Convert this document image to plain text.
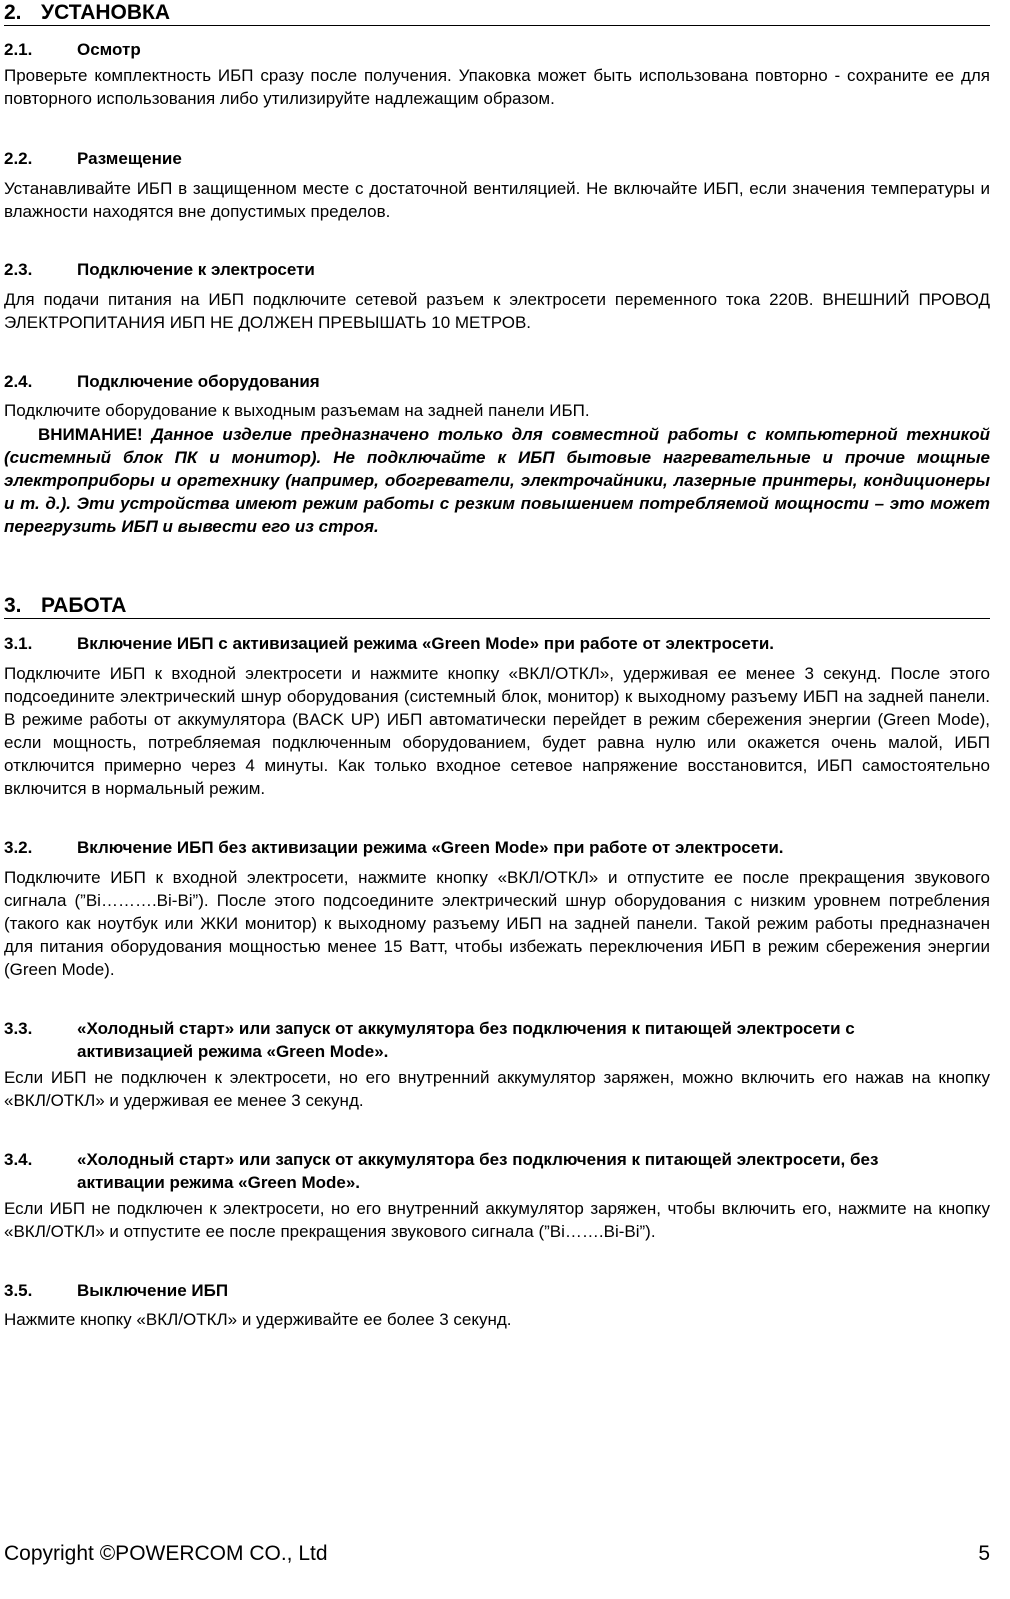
2. УСТАНОВКА
2.1.	Осмотр

Проверьте комплектность ИБП сразу после получения. Упаковка может быть использована повторно - сохраните ее для повторного использования либо утилизируйте надлежащим образом.

2.2.	Размещение

Устанавливайте ИБП в защищенном месте с достаточной вентиляцией. Не включайте ИБП, если значения температуры и влажности находятся вне допустимых пределов.

2.3.	Подключение к электросети

Для подачи питания на ИБП подключите сетевой разъем к электросети переменного тока 220В. ВНЕШНИЙ ПРОВОД ЭЛЕКТРОПИТАНИЯ ИБП НЕ ДОЛЖЕН ПРЕВЫШАТЬ 10 МЕТРОВ.

2.4.	Подключение оборудования

Подключите оборудование к выходным разъемам на задней панели ИБП.

ВНИМАНИЕ! Данное изделие предназначено только для совместной работы с компьютерной техникой (системный блок ПК и монитор). Не подключайте к ИБП бытовые нагревательные и прочие мощные электроприборы и оргтехнику (например, обогреватели, электрочайники, лазерные принтеры, кондиционеры и т. д.). Эти устройства имеют режим работы с резким повышением потребляемой мощности – это может перегрузить ИБП и вывести его из строя.

3. РАБОТА
3.1.	Включение ИБП с активизацией режима «Green Mode» при работе от электросети.

Подключите ИБП к входной электросети и нажмите кнопку «ВКЛ/ОТКЛ», удерживая ее менее 3 секунд. После этого подсоедините электрический шнур оборудования (системный блок, монитор) к выходному разъему ИБП на задней панели. В режиме работы от аккумулятора (BACK UP) ИБП автоматически перейдет в режим сбережения энергии (Green Mode), если мощность, потребляемая подключенным оборудованием, будет равна нулю или окажется очень малой, ИБП отключится примерно через 4 минуты. Как только входное сетевое напряжение восстановится, ИБП самостоятельно включится в нормальный режим.

3.2.	Включение ИБП без активизации режима «Green Mode» при работе от электросети.

Подключите ИБП к входной электросети, нажмите кнопку «ВКЛ/ОТКЛ» и отпустите ее после прекращения звукового сигнала (”Bi……….Bi-Bi”). После этого подсоедините электрический шнур оборудования с низким уровнем потребления (такого как ноутбук или ЖКИ монитор) к выходному разъему ИБП на задней панели. Такой режим работы предназначен для питания оборудования мощностью менее 15 Ватт, чтобы избежать переключения ИБП в режим сбережения энергии (Green Mode).

3.3.	«Холодный старт» или запуск от аккумулятора без подключения к питающей электросети с активизацией режима «Green Mode».

Если ИБП не подключен к электросети, но его внутренний аккумулятор заряжен, можно включить его нажав на кнопку «ВКЛ/ОТКЛ» и удерживая ее менее 3 секунд.

3.4.	«Холодный старт» или запуск от аккумулятора без подключения к питающей электросети, без активации режима «Green Mode».

Если ИБП не подключен к электросети, но его внутренний аккумулятор заряжен, чтобы включить его, нажмите на кнопку «ВКЛ/ОТКЛ» и отпустите ее после прекращения звукового сигнала (”Bi…….Bi-Bi”).

3.5.	Выключение ИБП

Нажмите кнопку «ВКЛ/ОТКЛ» и удерживайте ее более 3 секунд.

Copyright ©POWERCOM CO., Ltd	5
